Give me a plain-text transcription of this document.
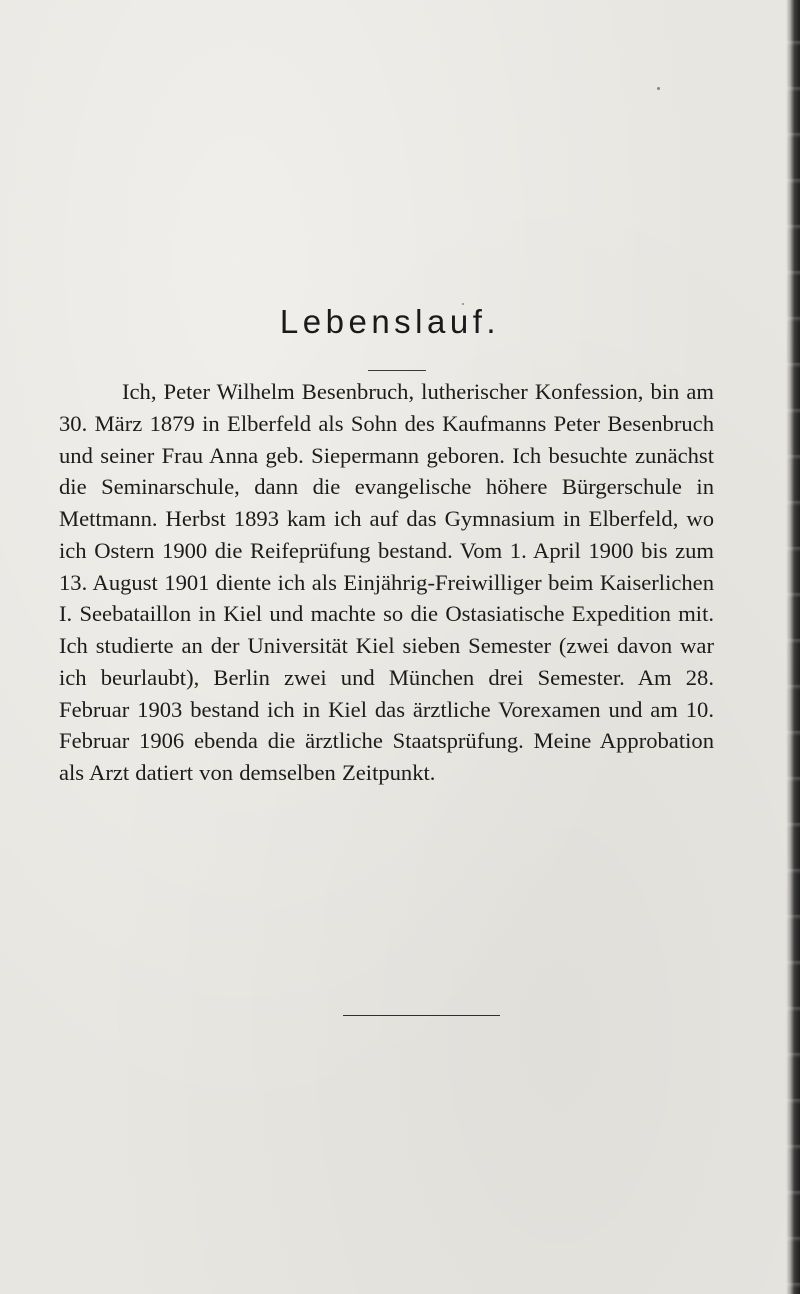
Lebenslauf.

Ich, Peter Wilhelm Besenbruch, lutherischer Konfession, bin am 30. März 1879 in Elberfeld als Sohn des Kaufmanns Peter Besenbruch und seiner Frau Anna geb. Siepermann geboren. Ich besuchte zunächst die Seminarschule, dann die evangelische höhere Bürgerschule in Mettmann. Herbst 1893 kam ich auf das Gymnasium in Elberfeld, wo ich Ostern 1900 die Reifeprüfung bestand. Vom 1. April 1900 bis zum 13. August 1901 diente ich als Einjährig-Freiwilliger beim Kaiserlichen I. Seebataillon in Kiel und machte so die Ostasiatische Expedition mit. Ich studierte an der Universität Kiel sieben Semester (zwei davon war ich beurlaubt), Berlin zwei und München drei Semester. Am 28. Februar 1903 bestand ich in Kiel das ärztliche Vorexamen und am 10. Februar 1906 ebenda die ärztliche Staatsprüfung. Meine Approbation als Arzt datiert von demselben Zeitpunkt.
